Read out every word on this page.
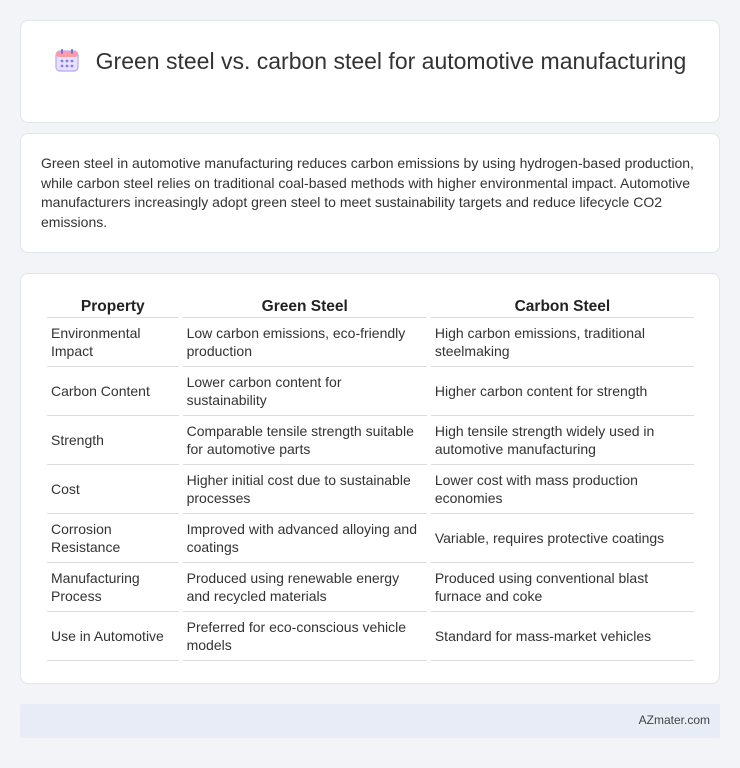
Green steel vs. carbon steel for automotive manufacturing

Green steel in automotive manufacturing reduces carbon emissions by using hydrogen-based production, while carbon steel relies on traditional coal-based methods with higher environmental impact. Automotive manufacturers increasingly adopt green steel to meet sustainability targets and reduce lifecycle CO2 emissions.

Property	Green Steel	Carbon Steel
Environmental Impact	Low carbon emissions, eco-friendly production	High carbon emissions, traditional steelmaking
Carbon Content	Lower carbon content for sustainability	Higher carbon content for strength
Strength	Comparable tensile strength suitable for automotive parts	High tensile strength widely used in automotive manufacturing
Cost	Higher initial cost due to sustainable processes	Lower cost with mass production economies
Corrosion Resistance	Improved with advanced alloying and coatings	Variable, requires protective coatings
Manufacturing Process	Produced using renewable energy and recycled materials	Produced using conventional blast furnace and coke
Use in Automotive	Preferred for eco-conscious vehicle models	Standard for mass-market vehicles
AZmater.com
